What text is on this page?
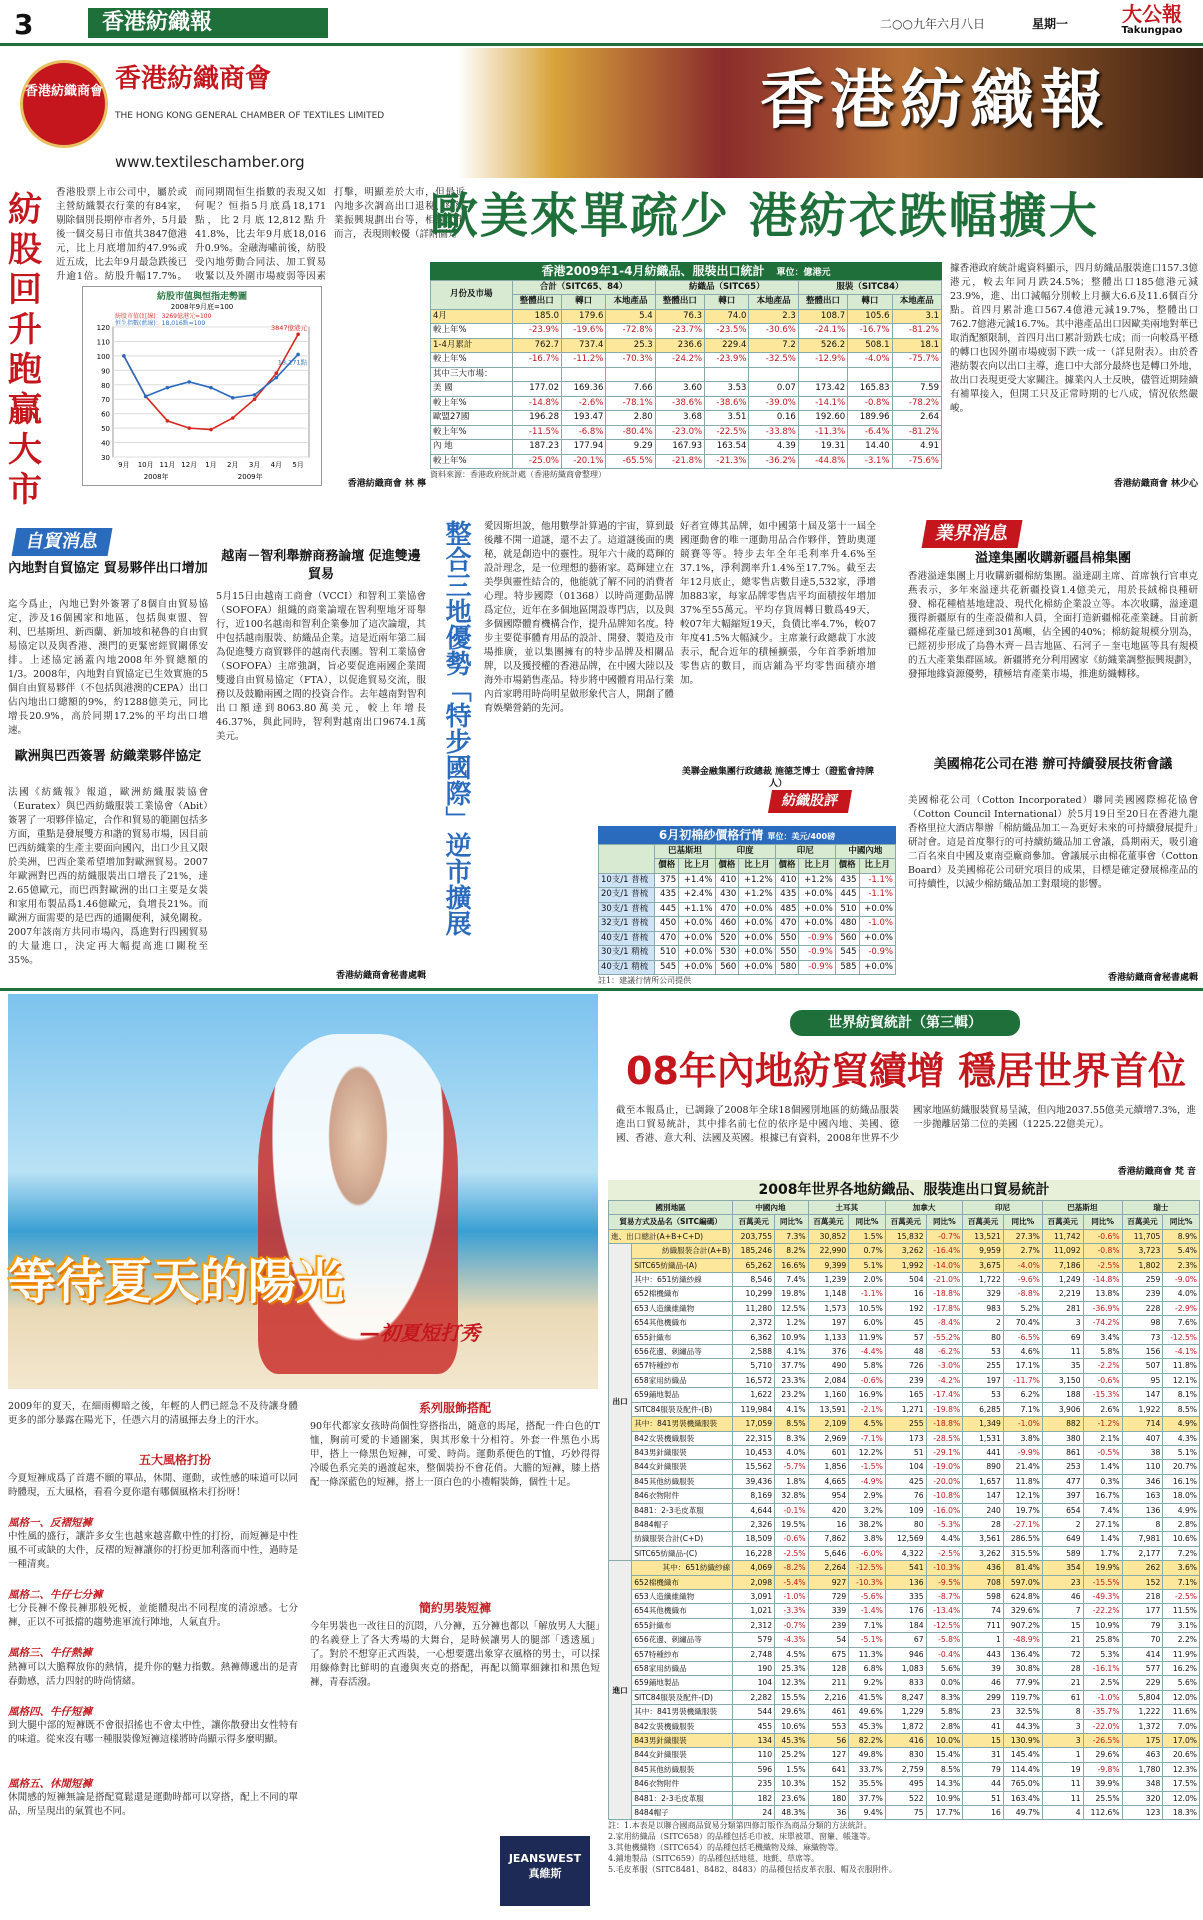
3	香港紡織報	二○○九年六月八日	星期一	大公報
Takungpao
香港紡織商會 香港紡織商會
THE HONG KONG GENERAL CHAMBER OF TEXTILES LIMITED
www.textileschamber.org
香港紡織報
紡股回升 跑贏大市
香港股票上市公司中，屬於或主營紡織製衣行業的有84家，剔除個別長期停市者外，5月最後一個交易日市值共3847億港元，比上月底增加約47.9%或近五成，比去年9月最急跌後已升逾1倍。紡股升幅17.7%。而同期間恒生指數的表現又如何呢？恒指5月底爲18,171點，比2月底12,812點升41.8%，比去年9月底18,016升0.9%。金融海嘯前後，紡股受內地勞動合同法、加工貿易收緊以及外圍市場疲弱等因素打擊，明顯差於大市，但最近內地多次調高出口退稅、紡織業振興規劃出台等，相對大市而言，表現則較優（詳附圖）。
30
40
50
60
70
80
90
100
110
120
9月 10月 11月 12月 1月 2月 3月 4月 5月
2008年	2009年
紡股市值與恒指走勢圖
2008年9月底=100
紡股市值(紅線)：3269億港元=100
恒生指數(藍線)：18,016點=100
3847億港元
18,171點
香港紡織商會 林 檸
歐美來單疏少 港紡衣跌幅擴大
香港2009年1-4月紡織品、服裝出口統計　 單位：億港元
月份及市場	合計（SITC65、84）			紡織品（SITC65）			服裝（SITC84）		
	整體出口	轉口	本地產品	整體出口	轉口	本地產品	整體出口	轉口	本地產品
4月	185.0	179.6	5.4	76.3	74.0	2.3	108.7	105.6	3.1
較上年%	-23.9%	-19.6%	-72.8%	-23.7%	-23.5%	-30.6%	-24.1%	-16.7%	-81.2%
1-4月累計	762.7	737.4	25.3	236.6	229.4	7.2	526.2	508.1	18.1
較上年%	-16.7%	-11.2%	-70.3%	-24.2%	-23.9%	-32.5%	-12.9%	-4.0%	-75.7%
其中三大市場：									
美 國	177.02	169.36	7.66	3.60	3.53	0.07	173.42	165.83	7.59
較上年%	-14.8%	-2.6%	-78.1%	-38.6%	-38.6%	-39.0%	-14.1%	-0.8%	-78.2%
歐盟27國	196.28	193.47	2.80	3.68	3.51	0.16	192.60	189.96	2.64
較上年%	-11.5%	-6.8%	-80.4%	-23.0%	-22.5%	-33.8%	-11.3%	-6.4%	-81.2%
內 地	187.23	177.94	9.29	167.93	163.54	4.39	19.31	14.40	4.91
較上年%	-25.0%	-20.1%	-65.5%	-21.8%	-21.3%	-36.2%	-44.8%	-3.1%	-75.6%
資料來源：香港政府統計處（香港紡織商會整理）
據香港政府統計處資料顯示，四月紡織品服裝進口157.3億港元，較去年同月跌24.5%；整體出口185億港元減23.9%，進、出口減幅分別較上月擴大6.6及11.6個百分點。首四月累計進口567.4億港元減19.7%，整體出口762.7億港元減16.7%。其中港產品出口因歐美兩地對華已取消配額限制，首四月出口累計勁跌七成；而一向較爲平穩的轉口也因外圍市場疲弱下跌一成一（詳見附表）。由於香港紡製衣向以出口主導，進口中大部分最終也是轉口外地，故出口表現更受大家關注。據業內人士反映，儘管近期陸續有補單接入，但開工只及正常時期的七八成，情況依然嚴峻。
香港紡織商會 林少心
自貿消息
內地對自貿協定 貿易夥伴出口增加
迄今爲止，內地已對外簽署了8個自由貿易協定，涉及16個國家和地區，包括與東盟、智利、巴基斯坦、新西蘭、新加坡和秘魯的自由貿易協定以及與香港、澳門的更緊密經貿關係安排。上述協定涵蓋內地2008年外貿總額的1/3。2008年，內地對自貿協定已生效實施的5個自由貿易夥伴（不包括與港澳的CEPA）出口佔內地出口總額的9%，約1288億美元，同比增長20.9%，高於同期17.2%的平均出口增速。
歐洲與巴西簽署 紡織業夥伴協定
法國《紡織報》報道，歐洲紡織服裝協會（Euratex）與巴西紡織服裝工業協會（Abit）簽署了一項夥伴協定，合作和貿易的範圍包括多方面，重點是發展雙方和諧的貿易市場，因目前巴西紡織業的生產主要面向國內，出口少且又限於美洲，巴西企業希望增加對歐洲貿易。2007年歐洲對巴西的紡織服裝出口增長了21%，達2.65億歐元，而巴西對歐洲的出口主要是女裝和家用布製品爲1.46億歐元，負增長21%。而歐洲方面需要的是巴西的通關便利，減免關稅。2007年該南方共同市場內，爲進對行四國貿易的大量進口，決定再大幅提高進口關稅至35%。
越南－智利舉辦商務論壇 促進雙邊貿易
5月15日由越南工商會（VCCI）和智利工業協會（SOFOFA）組織的商業論壇在智利聖地牙哥舉行，近100名越南和智利企業參加了這次論壇，其中包括越南服裝、紡織品企業。這是近兩年第二屆為促進雙方商貿夥伴的越南代表團。智利工業協會（SOFOFA）主席強調，旨必要促進兩國企業間雙邊自由貿易協定（FTA），以促進貿易交流，服務以及鼓勵兩國之間的投資合作。去年越南對智利出口額達到8063.80萬美元，較上年增長46.37%，與此同時，智利對越南出口9674.1萬美元。
香港紡織商會秘書處輯
整合三地優勢「特步國際」逆市擴展 愛因斯坦說，他用數學計算過的宇宙，算到最後離不開一道謎，還不去了。這道謎後面的奧秘，就是創造中的靈性。現年六十歲的葛輝的設計理念，是一位理想的藝術家。葛輝建立在美學與靈性結合的，他能就了解不同的消費者心理。特步國際（01368）以時尚運動品牌爲定位，近年在多個地區開設專門店，以及與多個國際體育機構合作，提升品牌知名度。特步主要從事體育用品的設計、開發、製造及市場推廣，並以集團擁有的特步品牌及相關品牌，以及獲授權的香港品牌，在中國大陸以及海外市場銷售產品。特步將中國體育用品行業內首家聘用時尚明星做形象代言人，開創了體育娛樂營銷的先河。
好者宣傳其品牌，如中國第十屆及第十一屆全國運動會的唯一運動用品合作夥伴，贊助奧運競賽等等。特步去年全年毛利率升4.6%至37.1%，淨利潤率升1.4%至17.7%。截至去年12月底止，總零售店數目達5,532家，淨增加883家，每家品牌零售店平均面積按年增加37%至55萬元。平均存貨周轉日數爲49天，較07年大幅縮短19天，負債比率4.7%，較07年度41.5%大幅減少。主席兼行政總裁丁水波表示，配合近年的積極擴張，今年首季新增加零售店的數目，而店鋪為平均零售面積亦增加。
美聯金融集團行政總裁 施德芝博士（證監會持牌人）
紡織股評
6月初棉紗價格行情 單位：美元/400磅
	巴基斯坦		印度		印尼		中國內地	
	價格	比上月	價格	比上月	價格	比上月	價格	比上月
10支/1 普梳	375	+1.4%	410	+1.2%	410	+1.2%	435	-1.1%
20支/1 普梳	435	+2.4%	430	+1.2%	435	+0.0%	445	-1.1%
30支/1 普梳	445	+1.1%	470	+0.0%	485	+0.0%	510	+0.0%
32支/1 普梳	450	+0.0%	460	+0.0%	470	+0.0%	480	-1.0%
40支/1 普梳	470	+0.0%	520	+0.0%	550	-0.9%	560	+0.0%
30支/1 精梳	510	+0.0%	530	+0.0%	550	-0.9%	545	-0.9%
40支/1 精梳	545	+0.0%	560	+0.0%	580	-0.9%	585	+0.0%
註1：建議行情所公司提供
業界消息
溢達集團收購新疆昌棉集團
香港溢達集團上月收購新疆棉紡集團。溢達副主席、首席執行官車克燕表示，多年來溢達共花新疆投資1.4億美元，用於長絨棉良種研發、棉花種植基地建設、現代化棉紡企業設立等。本次收購，溢達還獲得新疆原有的生產設備和人員，全面打造新疆棉花產業鏈。目前新疆棉花產量已經達到301萬噸，佔全國的40%；棉紡錠規模分別為，已經初步形成了烏魯木齊－昌吉地區、石河子－奎屯地區等具有規模的五大產業集群區域。新疆將充分利用國家《紡織業調整振興規劃》，發揮地緣資源優勢，積極培育產業市場，推進紡織轉移。
美國棉花公司在港 辦可持續發展技術會議
美國棉花公司（Cotton Incorporated）聯同美國國際棉花協會（Cotton Council International）於5月19日至20日在香港九龍香格里拉大酒店舉辦「棉紡織品加工－為更好未來的可持續發展提升」研討會。這是首度舉行的可持續紡織品加工會議，爲期兩天，吸引逾二百名來自中國及東南亞廠商參加。會議展示由棉花董事會（Cotton Board）及美國棉花公司研究項目的成果，目標是確定發展棉產品的可持續性，以減少棉紡織品加工對環境的影響。
香港紡織商會秘書處輯
等待夏天的陽光
—初夏短打秀
2009年的夏天，在細雨柳暗之後，年輕的人們已經急不及待讓身體更多的部分暴露在陽光下，任憑六月的清風揮去身上的汗水。
五大風格打扮
今夏短褲成爲了首選不願的單品，休閒、運動，或性感的味道可以同時體現，五大風格，看看今夏你還有哪個風格未打扮呀！
風格一、反褶短褲
中性風的盛行，讓許多女生也越來越喜歡中性的打扮，而短褲是中性風不可或缺的大件，反褶的短褲讓你的打扮更加利落而中性，過時是一種清爽。
風格二、牛仔七分褲
七分長褲不像長褲那般死板，並能體現出不同程度的清涼感。七分褲，正以不可抵擋的趨勢進軍流行陣地，人氣直升。
風格三、牛仔熱褲
熱褲可以大膽釋放你的熱情，提升你的魅力指數。熱褲傳遞出的是青春動感，活力四射的時尚情緒。
風格四、牛仔短褲
到大腿中部的短褲既不會很招搖也不會太中性，讓你散發出女性特有的味道。從來沒有哪一種服裝像短褲這樣將時尚顯示得多麼明顯。
風格五、休閒短褲
休閒感的短褲無論是搭配寬鬆還是運動時都可以穿搭，配上不同的單品，所呈現出的氣質也不同。
系列服飾搭配
90年代都家女孩時尚個性穿搭指出，隨意的馬尾，搭配一件白色的T恤，胸前可愛的卡通圖案，與其形象十分相符。外套一件黑色小馬甲，搭上一條黑色短褲，可愛、時尚。運動系便色的T恤，巧妙得得冷暖色系完美的過渡起來，整個裝扮不會花俏。大膽的短褲，膝上搭配一條深藍色的短褲，搭上一頂白色的小禮帽裝飾，個性十足。
簡約男裝短褲
今年男裝也一改往日的沉悶，八分褲，五分褲也都以「解放男人大腿」的名義登上了各大秀場的大舞台，是時候讓男人的腿部「透透風」了。對於不想穿正式西裝，一心想要選出象穿衣風格的男士，可以採用線條對比鮮明的直邊與夾克的搭配，再配以簡單細鍊扣和黑色短褲，青春活潑。
JEANSWEST
真維斯
世界紡貿統計（第三輯）
08年內地紡貿續增 穩居世界首位
截至本報爲止，已調錄了2008年全球18個國別地區的紡織品服裝進出口貿易統計，其中排名前七位的依序是中國內地、美國、德國、香港、意大利、法國及英國。根據已有資料，2008年世界不少國家地區紡織服裝貿易呈減，但內地2037.55億美元續增7.3%，進一步拋離居第二位的美國（1225.22億美元）。
香港紡織商會 梵 音
2008年世界各地紡織品、服裝進出口貿易統計
國別地區		中國內地		土耳其		加拿大		印尼		巴基斯坦		瑞士	
貿易方式及品名（SITC編碼）		百萬美元	同比%	百萬美元	同比%	百萬美元	同比%	百萬美元	同比%	百萬美元	同比%	百萬美元	同比%
進、出口總計(A+B+C+D)		203,755	7.3%	30,852	1.5%	15,832	-0.7%	13,521	27.3%	11,742	-0.6%	11,705	8.9%
出口	紡織服裝合計(A+B)	185,246	8.2%	22,990	0.7%	3,262	-16.4%	9,959	2.7%	11,092	-0.8%	3,723	5.4%
	SITC65紡織品-(A)	65,262	16.6%	9,399	5.1%	1,992	-14.0%	3,675	-4.0%	7,186	-2.5%	1,802	2.3%
	其中：651紡織紗線	8,546	7.4%	1,239	2.0%	504	-21.0%	1,722	-9.6%	1,249	-14.8%	259	-9.0%
	652棉機織布	10,299	19.8%	1,148	-1.1%	16	-18.8%	329	-8.8%	2,219	13.8%	239	4.0%
	653人造纖維織物	11,280	12.5%	1,573	10.5%	192	-17.8%	983	5.2%	281	-36.9%	228	-2.9%
	654其他機織布	2,372	1.2%	197	6.0%	45	-8.4%	2	70.4%	3	-74.2%	98	7.6%
	655針織布	6,362	10.9%	1,133	11.9%	57	-55.2%	80	-6.5%	69	3.4%	73	-12.5%
	656花邊、刺繡品等	2,588	4.1%	376	-4.4%	48	-6.2%	53	4.6%	11	5.8%	156	-4.1%
	657特種紗布	5,710	37.7%	490	5.8%	726	-3.0%	255	17.1%	35	-2.2%	507	11.8%
	658家用紡織品	16,572	23.3%	2,084	-0.6%	239	-4.2%	197	-11.7%	3,150	-0.6%	95	12.1%
	659鋪地製品	1,622	23.2%	1,160	16.9%	165	-17.4%	53	6.2%	188	-15.3%	147	8.1%
	SITC84服裝及配件-(B)	119,984	4.1%	13,591	-2.1%	1,271	-19.8%	6,285	7.1%	3,906	2.6%	1,922	8.5%
	其中：841男裝機織服裝	17,059	8.5%	2,109	4.5%	255	-18.8%	1,349	-1.0%	882	-1.2%	714	4.9%
	842女裝機織服裝	22,315	8.3%	2,969	-7.1%	173	-28.5%	1,531	3.8%	380	2.1%	407	4.3%
	843男針織服裝	10,453	4.0%	601	12.2%	51	-29.1%	441	-9.9%	861	-0.5%	38	5.1%
	844女針織服裝	15,562	-5.7%	1,856	-1.5%	104	-19.0%	890	21.4%	253	1.4%	110	20.7%
	845其他紡織服裝	39,436	1.8%	4,665	-4.9%	425	-20.0%	1,657	11.8%	477	0.3%	346	16.1%
	846衣物附件	8,169	32.8%	954	2.9%	76	-10.8%	147	12.1%	397	16.7%	163	18.0%
	8481：2-3毛皮革服	4,644	-0.1%	420	3.2%	109	-16.0%	240	19.7%	654	7.4%	136	4.9%
	8484帽子	2,326	19.5%	16	38.2%	80	-5.3%	28	-27.1%	2	27.1%	8	2.8%
	紡織服裝合計(C+D)	18,509	-0.6%	7,862	3.8%	12,569	4.4%	3,561	286.5%	649	1.4%	7,981	10.6%
	SITC65紡織品-(C)	16,228	-2.5%	5,646	-6.0%	4,322	-2.5%	3,262	315.5%	589	1.7%	2,177	7.2%
進口	其中：651紡織紗線	4,069	-8.2%	2,264	-12.5%	541	-10.3%	436	81.4%	354	19.9%	262	3.6%
	652棉機織布	2,098	-5.4%	927	-10.3%	136	-9.5%	708	597.0%	23	-15.5%	152	7.1%
	653人造纖維織物	3,091	-1.0%	729	-5.6%	335	-8.7%	598	624.8%	46	-49.3%	218	-2.5%
	654其他機織布	1,021	-3.3%	339	-1.4%	176	-13.4%	74	329.6%	7	-22.2%	177	11.5%
	655針織布	2,312	-0.7%	239	7.1%	184	-12.5%	711	907.2%	15	10.9%	79	3.1%
	656花邊、刺繡品等	579	-4.3%	54	-5.1%	67	-5.8%	1	-48.9%	21	25.8%	70	2.2%
	657特種紗布	2,748	4.5%	675	11.3%	946	-0.4%	443	136.4%	72	5.3%	414	11.9%
	658家用紡織品	190	25.3%	128	6.8%	1,083	5.6%	39	30.8%	28	-16.1%	577	16.2%
	659鋪地製品	104	12.3%	211	9.2%	833	0.0%	46	77.9%	21	2.5%	229	5.6%
	SITC84服裝及配件-(D)	2,282	15.5%	2,216	41.5%	8,247	8.3%	299	119.7%	61	-1.0%	5,804	12.0%
	其中：841男裝機織服裝	544	29.6%	461	49.6%	1,229	5.8%	23	32.5%	8	-35.7%	1,222	11.6%
	842女裝機織服裝	455	10.6%	553	45.3%	1,872	2.8%	41	44.3%	3	-22.0%	1,372	7.0%
	843男針織服裝	134	45.3%	56	82.2%	416	10.0%	15	130.9%	3	-26.5%	175	17.0%
	844女針織服裝	110	25.2%	127	49.8%	830	15.4%	31	145.4%	1	29.6%	463	20.6%
	845其他紡織服裝	596	1.5%	641	33.7%	2,759	8.5%	79	114.4%	19	-9.8%	1,780	12.3%
	846衣物附件	235	10.3%	152	35.5%	495	14.3%	44	765.0%	11	39.9%	348	17.5%
	8481：2-3毛皮革服	182	23.6%	180	37.7%	522	10.9%	51	163.4%	11	25.5%	320	12.0%
	8484帽子	24	48.3%	36	9.4%	75	17.7%	16	49.7%	4	112.6%	123	18.3%
註：1.本表是以聯合國商品貿易分類第四修訂版作為商品分類的方法統計。
2.家用紡織品（SITC658）的品種包括毛巾被、床單被罩、窗簾、帳篷等。
3.其他機織物（SITC654）的品種包括毛機織物及絲、麻織物等。
4.鋪地製品（SITC659）的品種包括地毯、地氈、草席等。
5.毛皮革服（SITC8481、8482、8483）的品種包括皮革衣服、帽及衣服附件。
